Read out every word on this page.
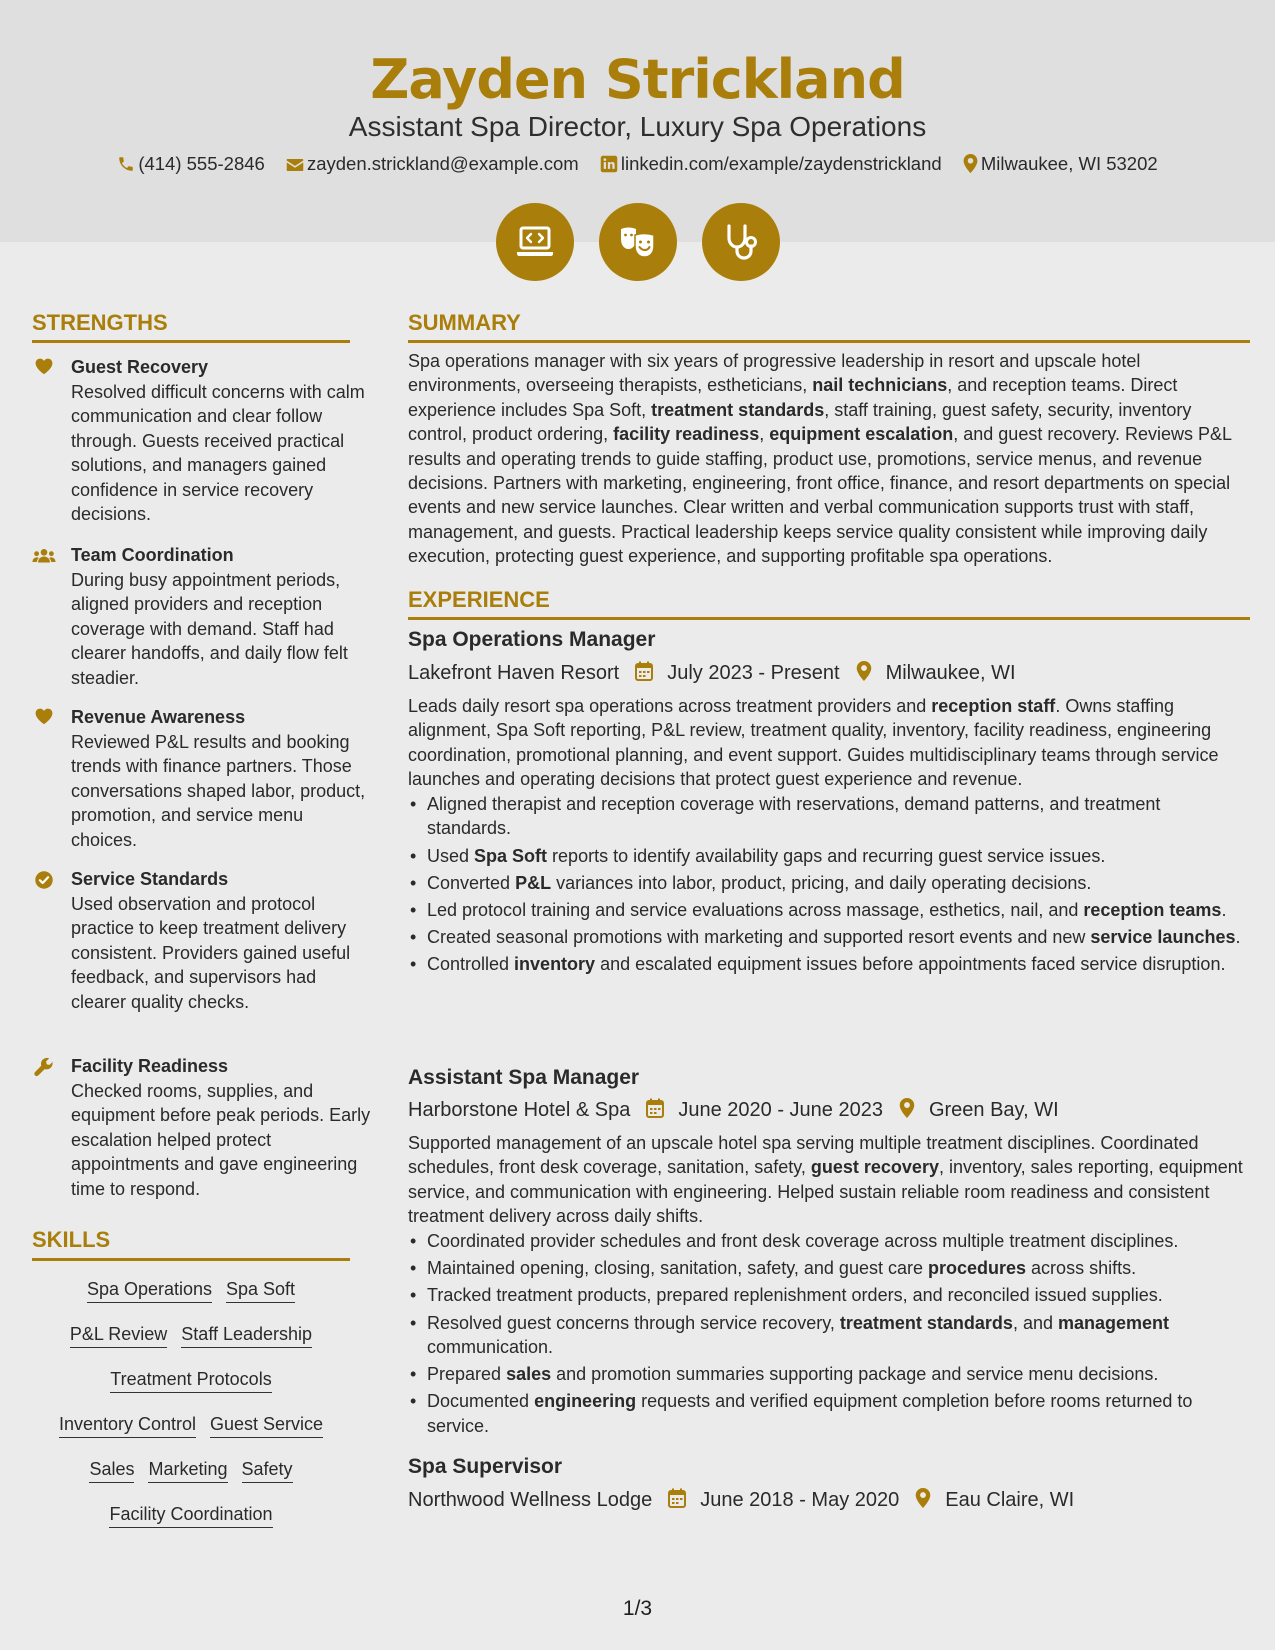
Zayden Strickland
Assistant Spa Director, Luxury Spa Operations
(414) 555-2846 zayden.strickland@example.com linkedin.com/example/zaydenstrickland Milwaukee, WI 53202
STRENGTHS
Guest Recovery

Resolved difficult concerns with calm communication and clear follow through. Guests received practical solutions, and managers gained confidence in service recovery decisions.

Team Coordination

During busy appointment periods, aligned providers and reception coverage with demand. Staff had clearer handoffs, and daily flow felt steadier.

Revenue Awareness

Reviewed P&L results and booking trends with finance partners. Those conversations shaped labor, product, promotion, and service menu choices.

Service Standards

Used observation and protocol practice to keep treatment delivery consistent. Providers gained useful feedback, and supervisors had clearer quality checks.

Facility Readiness

Checked rooms, supplies, and equipment before peak periods. Early escalation helped protect appointments and gave engineering time to respond.

SKILLS
Spa Operations Spa Soft
P&L Review Staff Leadership
Treatment Protocols
Inventory Control Guest Service
Sales Marketing Safety
Facility Coordination
SUMMARY
Spa operations manager with six years of progressive leadership in resort and upscale hotel environments, overseeing therapists, estheticians, nail technicians, and reception teams. Direct experience includes Spa Soft, treatment standards, staff training, guest safety, security, inventory control, product ordering, facility readiness, equipment escalation, and guest recovery. Reviews P&L results and operating trends to guide staffing, product use, promotions, service menus, and revenue decisions. Partners with marketing, engineering, front office, finance, and resort departments on special events and new service launches. Clear written and verbal communication supports trust with staff, management, and guests. Practical leadership keeps service quality consistent while improving daily execution, protecting guest experience, and supporting profitable spa operations.
EXPERIENCE
Spa Operations Manager
Lakefront Haven Resort July 2023 - Present Milwaukee, WI
Leads daily resort spa operations across treatment providers and reception staff. Owns staffing alignment, Spa Soft reporting, P&L review, treatment quality, inventory, facility readiness, engineering coordination, promotional planning, and event support. Guides multidisciplinary teams through service launches and operating decisions that protect guest experience and revenue.
• Aligned therapist and reception coverage with reservations, demand patterns, and treatment standards.
• Used Spa Soft reports to identify availability gaps and recurring guest service issues.
• Converted P&L variances into labor, product, pricing, and daily operating decisions.
• Led protocol training and service evaluations across massage, esthetics, nail, and reception teams.
• Created seasonal promotions with marketing and supported resort events and new service launches.
• Controlled inventory and escalated equipment issues before appointments faced service disruption.
Assistant Spa Manager
Harborstone Hotel & Spa June 2020 - June 2023 Green Bay, WI
Supported management of an upscale hotel spa serving multiple treatment disciplines. Coordinated schedules, front desk coverage, sanitation, safety, guest recovery, inventory, sales reporting, equipment service, and communication with engineering. Helped sustain reliable room readiness and consistent treatment delivery across daily shifts.
• Coordinated provider schedules and front desk coverage across multiple treatment disciplines.
• Maintained opening, closing, sanitation, safety, and guest care procedures across shifts.
• Tracked treatment products, prepared replenishment orders, and reconciled issued supplies.
• Resolved guest concerns through service recovery, treatment standards, and management communication.
• Prepared sales and promotion summaries supporting package and service menu decisions.
• Documented engineering requests and verified equipment completion before rooms returned to service.
Spa Supervisor
Northwood Wellness Lodge June 2018 - May 2020 Eau Claire, WI
1/3
